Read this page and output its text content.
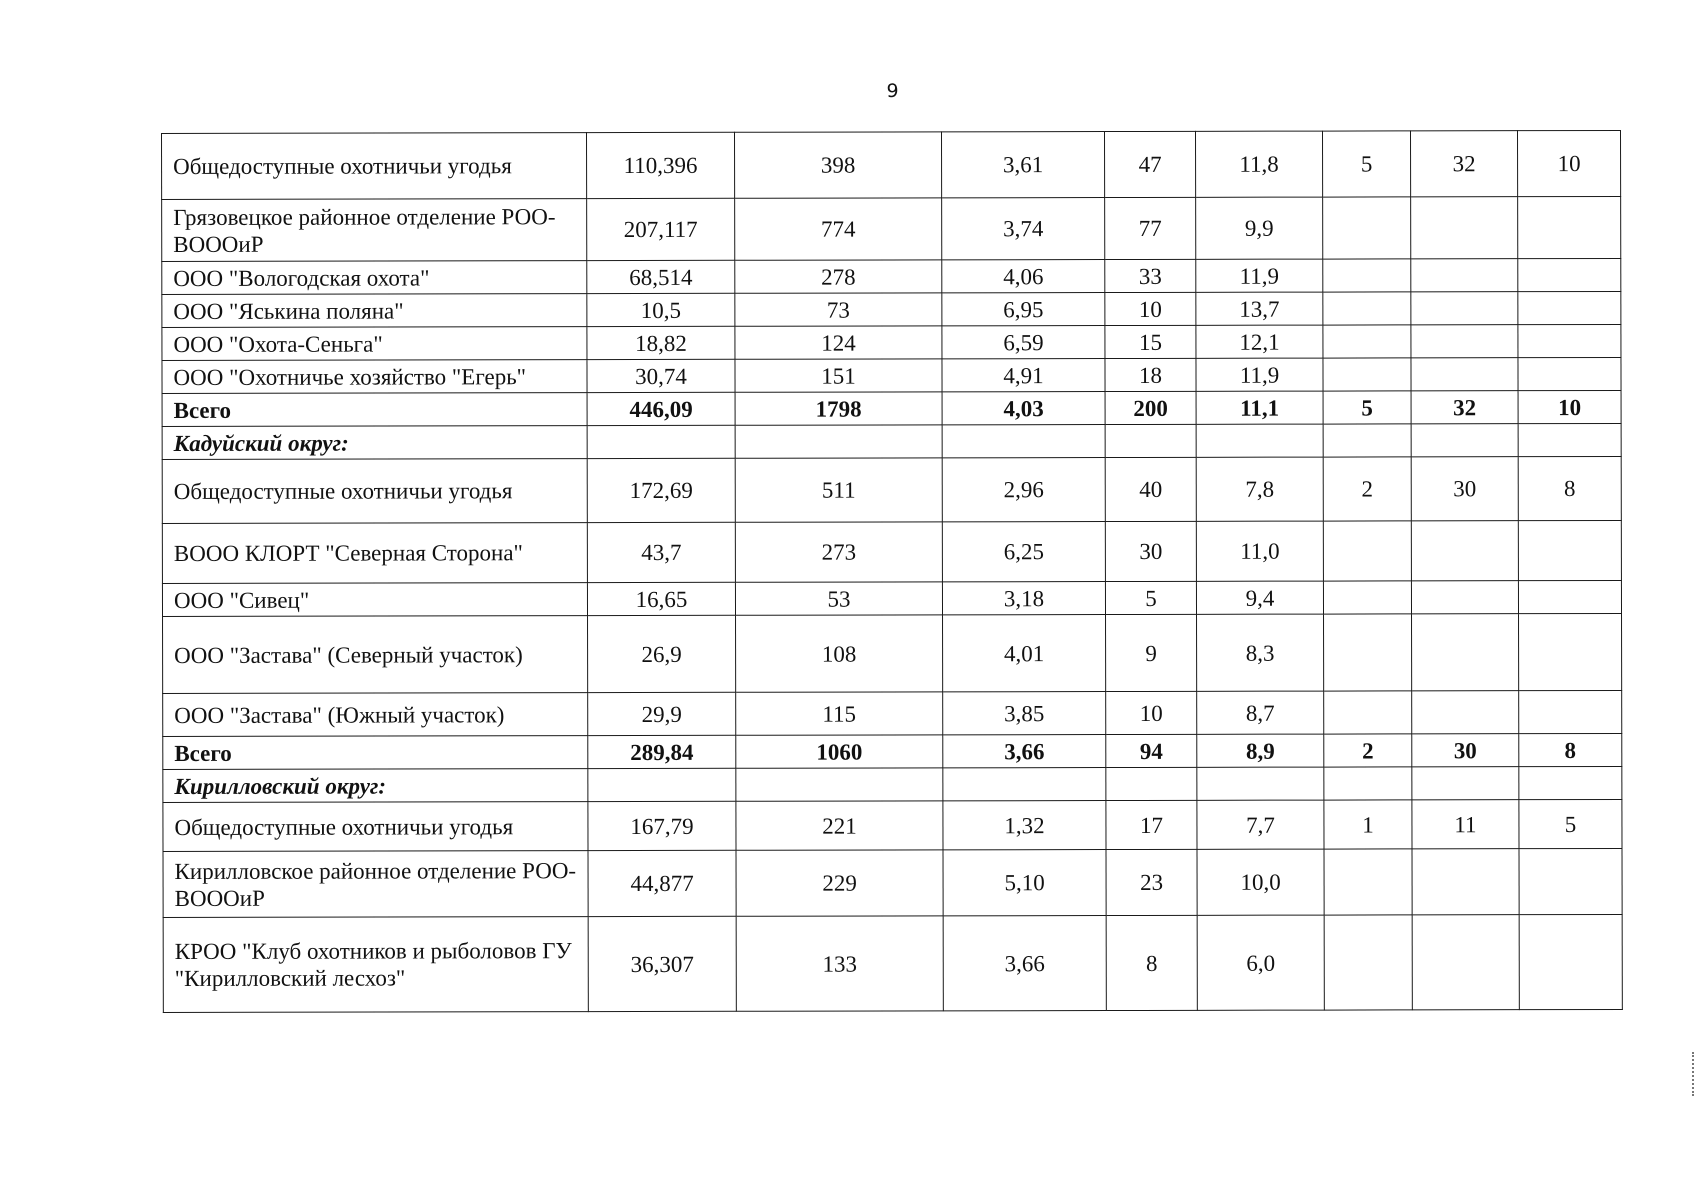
9
Общедоступные охотничьи угодья	110,396	398	3,61	47	11,8	5	32	10
Грязовецкое районное отделение РОО-ВОООиР	207,117	774	3,74	77	9,9			
ООО "Вологодская охота"	68,514	278	4,06	33	11,9			
ООО "Яськина поляна"	10,5	73	6,95	10	13,7			
ООО "Охота-Сеньга"	18,82	124	6,59	15	12,1			
ООО "Охотничье хозяйство "Егерь"	30,74	151	4,91	18	11,9			
Всего	446,09	1798	4,03	200	11,1	5	32	10
Кадуйский округ:								
Общедоступные охотничьи угодья	172,69	511	2,96	40	7,8	2	30	8
ВООО КЛОРТ "Северная Сторона"	43,7	273	6,25	30	11,0			
ООО "Сивец"	16,65	53	3,18	5	9,4			
ООО "Застава" (Северный участок)	26,9	108	4,01	9	8,3			
ООО "Застава" (Южный участок)	29,9	115	3,85	10	8,7			
Всего	289,84	1060	3,66	94	8,9	2	30	8
Кирилловский округ:								
Общедоступные охотничьи угодья	167,79	221	1,32	17	7,7	1	11	5
Кирилловское районное отделение РОО-ВОООиР	44,877	229	5,10	23	10,0			
КРОО "Клуб охотников и рыболовов ГУ "Кирилловский лесхоз"	36,307	133	3,66	8	6,0			
